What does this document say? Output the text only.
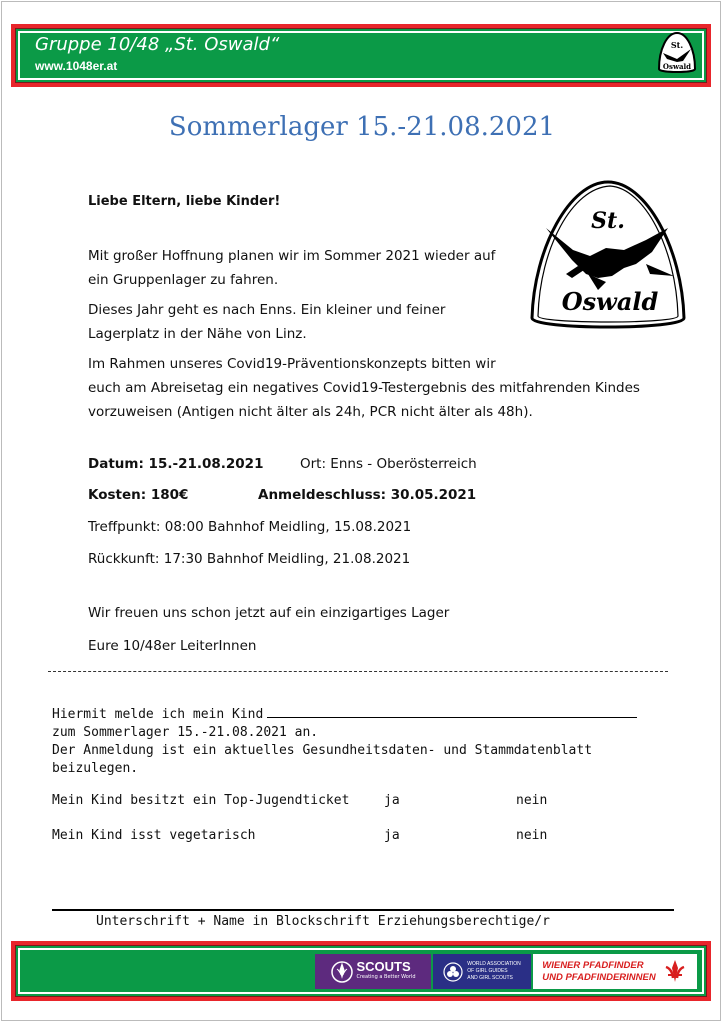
Gruppe 10/48 „St. Oswald“
www.1048er.at
St.
Oswald
Sommerlager 15.-21.08.2021
St.
Oswald
Liebe Eltern, liebe Kinder!
Mit großer Hoffnung planen wir im Sommer 2021 wieder auf
ein Gruppenlager zu fahren.
Dieses Jahr geht es nach Enns. Ein kleiner und feiner
Lagerplatz in der Nähe von Linz.
Im Rahmen unseres Covid19-Präventionskonzepts bitten wir
euch am Abreisetag ein negatives Covid19-Testergebnis des mitfahrenden Kindes
vorzuweisen (Antigen nicht älter als 24h, PCR nicht älter als 48h).
Datum: 15.-21.08.2021	Ort: Enns - Oberösterreich
Kosten: 180€	Anmeldeschluss: 30.05.2021
Treffpunkt: 08:00 Bahnhof Meidling, 15.08.2021
Rückkunft: 17:30 Bahnhof Meidling, 21.08.2021
Wir freuen uns schon jetzt auf ein einzigartiges Lager
Eure 10/48er LeiterInnen
Hiermit melde ich mein Kind
zum Sommerlager 15.-21.08.2021 an.
Der Anmeldung ist ein aktuelles Gesundheitsdaten- und Stammdatenblatt
beizulegen.
Mein Kind besitzt ein Top-Jugendticket	ja	nein
Mein Kind isst vegetarisch	ja	nein
Unterschrift + Name in Blockschrift Erziehungsberechtige/r
SCOUTS
Creating a Better World
WORLD ASSOCIATION
OF GIRL GUIDES
AND GIRL SCOUTS
WIENER PFADFINDER
UND PFADFINDERINNEN
